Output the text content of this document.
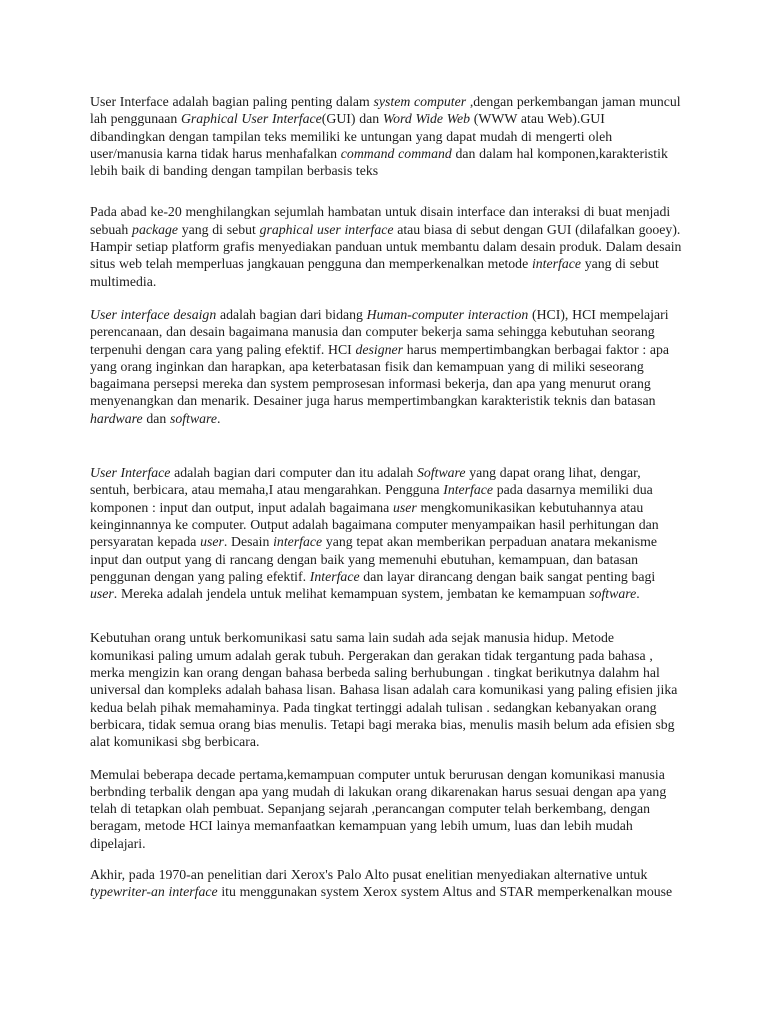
User Interface adalah bagian paling penting dalam system computer ,dengan perkembangan jaman muncul lah penggunaan Graphical User Interface(GUI) dan Word Wide Web (WWW atau Web).GUI dibandingkan dengan tampilan teks memiliki ke untungan yang dapat mudah di mengerti oleh user/manusia karna tidak harus menhafalkan command command dan dalam hal komponen,karakteristik lebih baik di banding dengan tampilan berbasis teks

Pada abad ke-20 menghilangkan sejumlah hambatan untuk disain interface dan interaksi di buat menjadi sebuah package yang di sebut graphical user interface atau biasa di sebut dengan GUI (dilafalkan gooey). Hampir setiap platform grafis menyediakan panduan untuk membantu dalam desain produk. Dalam desain situs web telah memperluas jangkauan pengguna dan memperkenalkan metode interface yang di sebut multimedia.

User interface desaign adalah bagian dari bidang Human-computer interaction (HCI), HCI mempelajari perencanaan, dan desain bagaimana manusia dan computer bekerja sama sehingga kebutuhan seorang terpenuhi dengan cara yang paling efektif. HCI designer harus mempertimbangkan berbagai faktor : apa yang orang inginkan dan harapkan, apa keterbatasan fisik dan kemampuan yang di miliki seseorang bagaimana persepsi mereka dan system pemprosesan informasi bekerja, dan apa yang menurut orang menyenangkan dan menarik. Desainer juga harus mempertimbangkan karakteristik teknis dan batasan hardware dan software.

User Interface adalah bagian dari computer dan itu adalah Software yang dapat orang lihat, dengar, sentuh, berbicara, atau memaha,I atau mengarahkan. Pengguna Interface pada dasarnya memiliki dua komponen : input dan output, input adalah bagaimana user mengkomunikasikan kebutuhannya atau keinginnannya ke computer. Output adalah bagaimana computer menyampaikan hasil perhitungan dan persyaratan kepada user. Desain interface yang tepat akan memberikan perpaduan anatara mekanisme input dan output yang di rancang dengan baik yang memenuhi ebutuhan, kemampuan, dan batasan penggunan dengan yang paling efektif. Interface dan layar dirancang dengan baik sangat penting bagi user. Mereka adalah jendela untuk melihat kemampuan system, jembatan ke kemampuan software.

Kebutuhan orang untuk berkomunikasi satu sama lain sudah ada sejak manusia hidup. Metode komunikasi paling umum adalah gerak tubuh. Pergerakan dan gerakan tidak tergantung pada bahasa , merka mengizin kan orang dengan bahasa berbeda saling berhubungan . tingkat berikutnya dalahm hal universal dan kompleks adalah bahasa lisan. Bahasa lisan adalah cara komunikasi yang paling efisien jika kedua belah pihak memahaminya. Pada tingkat tertinggi adalah tulisan . sedangkan kebanyakan orang berbicara, tidak semua orang bias menulis. Tetapi bagi meraka bias, menulis masih belum ada efisien sbg alat komunikasi sbg berbicara.

Memulai beberapa decade pertama,kemampuan computer untuk berurusan dengan komunikasi manusia berbnding terbalik dengan apa yang mudah di lakukan orang dikarenakan harus sesuai dengan apa yang telah di tetapkan olah pembuat. Sepanjang sejarah ,perancangan computer telah berkembang, dengan beragam, metode HCI lainya memanfaatkan kemampuan yang lebih umum, luas dan lebih mudah dipelajari.

Akhir, pada 1970-an penelitian dari Xerox's Palo Alto pusat enelitian menyediakan alternative untuk typewriter-an interface itu menggunakan system Xerox system Altus and STAR memperkenalkan mouse
